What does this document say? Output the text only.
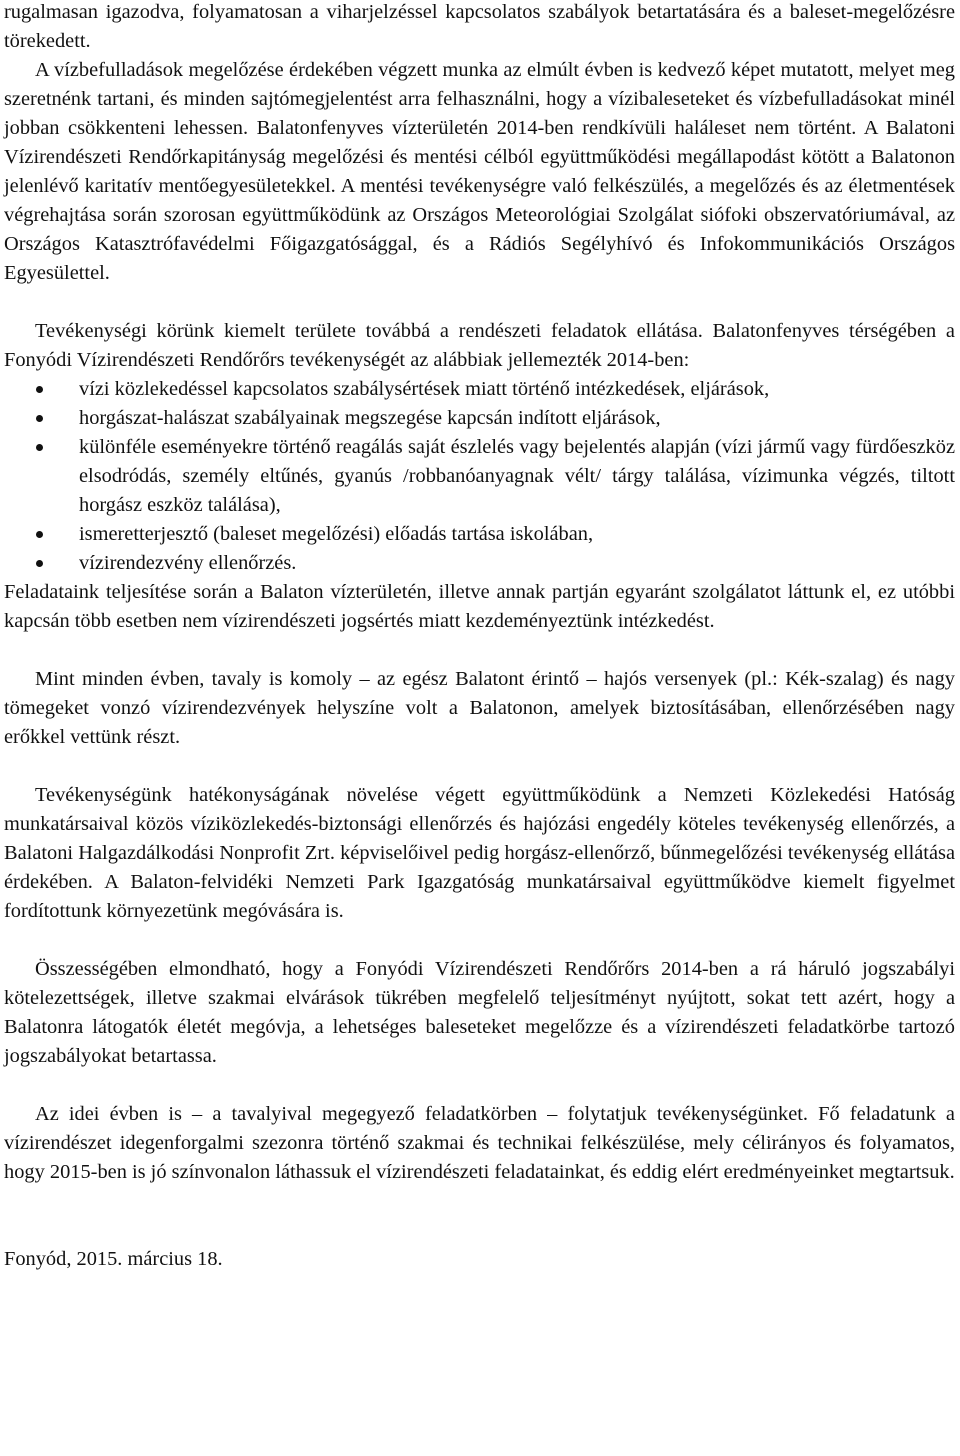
rugalmasan igazodva, folyamatosan a viharjelzéssel kapcsolatos szabályok betartatására és a baleset-megelőzésre törekedett.

A vízbefulladások megelőzése érdekében végzett munka az elmúlt évben is kedvező képet mutatott, melyet meg szeretnénk tartani, és minden sajtómegjelentést arra felhasználni, hogy a vízibaleseteket és vízbefulladásokat minél jobban csökkenteni lehessen. Balatonfenyves vízterületén 2014-ben rendkívüli haláleset nem történt. A Balatoni Vízirendészeti Rendőrkapitányság megelőzési és mentési célból együttműködési megállapodást kötött a Balatonon jelenlévő karitatív mentőegyesületekkel. A mentési tevékenységre való felkészülés, a megelőzés és az életmentések végrehajtása során szorosan együttműködünk az Országos Meteorológiai Szolgálat siófoki obszervatóriumával, az Országos Katasztrófavédelmi Főigazgatósággal, és a Rádiós Segélyhívó és Infokommunikációs Országos Egyesülettel.

Tevékenységi körünk kiemelt területe továbbá a rendészeti feladatok ellátása. Balatonfenyves térségében a Fonyódi Vízirendészeti Rendőrőrs tevékenységét az alábbiak jellemezték 2014-ben:

vízi közlekedéssel kapcsolatos szabálysértések miatt történő intézkedések, eljárások,
horgászat-halászat szabályainak megszegése kapcsán indított eljárások,
különféle eseményekre történő reagálás saját észlelés vagy bejelentés alapján (vízi jármű vagy fürdőeszköz elsodródás, személy eltűnés, gyanús /robbanóanyagnak vélt/ tárgy találása, vízimunka végzés, tiltott horgász eszköz találása),
ismeretterjesztő (baleset megelőzési) előadás tartása iskolában,
vízirendezvény ellenőrzés.

Feladataink teljesítése során a Balaton vízterületén, illetve annak partján egyaránt szolgálatot láttunk el, ez utóbbi kapcsán több esetben nem vízirendészeti jogsértés miatt kezdeményeztünk intézkedést.

Mint minden évben, tavaly is komoly – az egész Balatont érintő – hajós versenyek (pl.: Kék-szalag) és nagy tömegeket vonzó vízirendezvények helyszíne volt a Balatonon, amelyek biztosításában, ellenőrzésében nagy erőkkel vettünk részt.

Tevékenységünk hatékonyságának növelése végett együttműködünk a Nemzeti Közlekedési Hatóság munkatársaival közös víziközlekedés-biztonsági ellenőrzés és hajózási engedély köteles tevékenység ellenőrzés, a Balatoni Halgazdálkodási Nonprofit Zrt. képviselőivel pedig horgász-ellenőrző, bűnmegelőzési tevékenység ellátása érdekében. A Balaton-felvidéki Nemzeti Park Igazgatóság munkatársaival együttműködve kiemelt figyelmet fordítottunk környezetünk megóvására is.

Összességében elmondható, hogy a Fonyódi Vízirendészeti Rendőrőrs 2014-ben a rá háruló jogszabályi kötelezettségek, illetve szakmai elvárások tükrében megfelelő teljesítményt nyújtott, sokat tett azért, hogy a Balatonra látogatók életét megóvja, a lehetséges baleseteket megelőzze és a vízirendészeti feladatkörbe tartozó jogszabályokat betartassa.

Az idei évben is – a tavalyival megegyező feladatkörben – folytatjuk tevékenységünket. Fő feladatunk a vízirendészet idegenforgalmi szezonra történő szakmai és technikai felkészülése, mely célirányos és folyamatos, hogy 2015-ben is jó színvonalon láthassuk el vízirendészeti feladatainkat, és eddig elért eredményeinket megtartsuk.

Fonyód, 2015. március 18.
